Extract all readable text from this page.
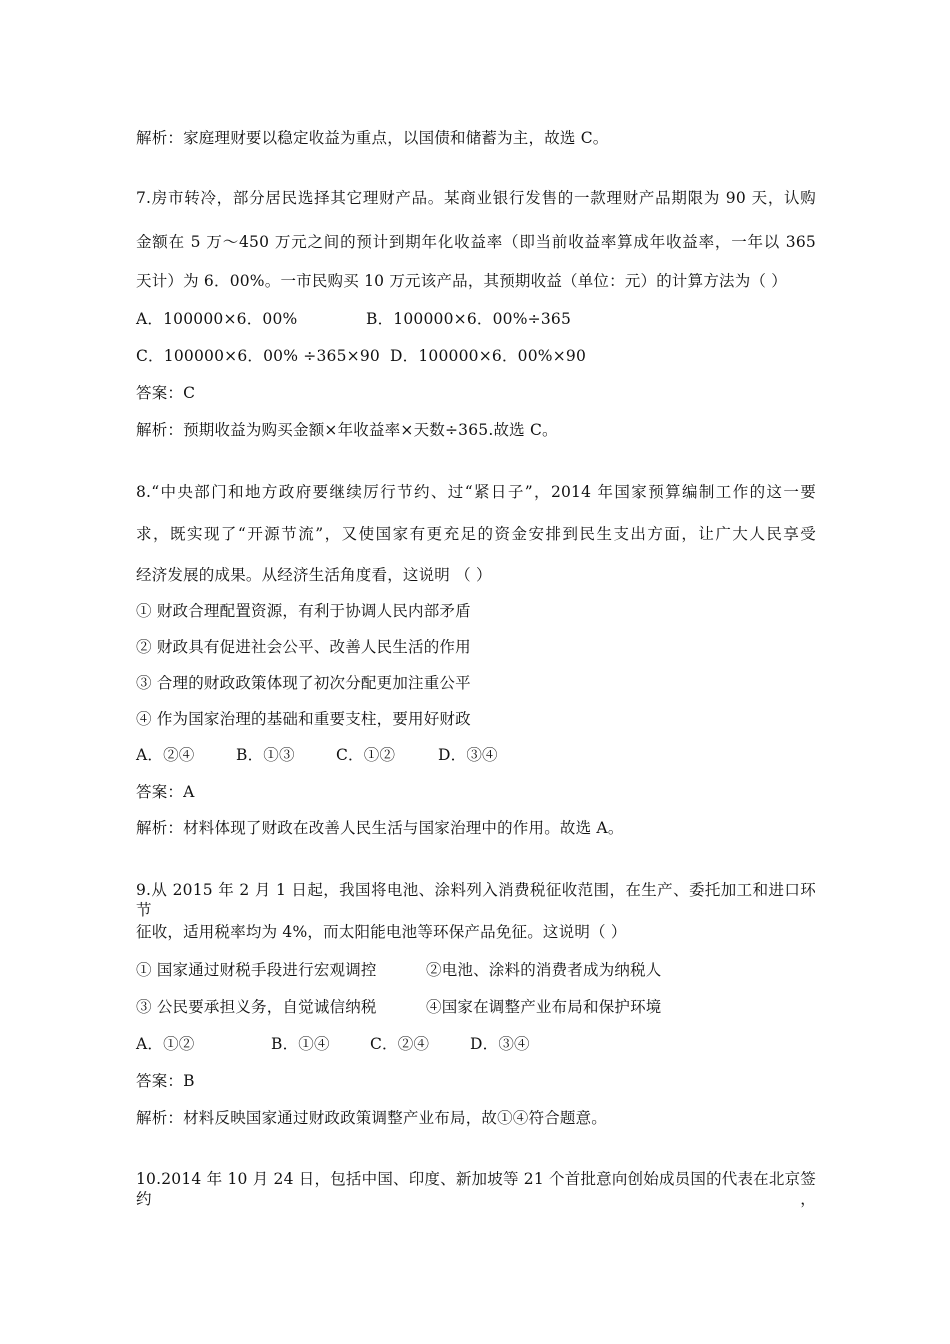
解析：家庭理财要以稳定收益为重点，以国债和储蓄为主，故选 C。
7.房市转冷，部分居民选择其它理财产品。某商业银行发售的一款理财产品期限为 90 天，认购
金额在 5 万～450 万元之间的预计到期年化收益率（即当前收益率算成年收益率，一年以 365
天计）为 6．00%。一市民购买 10 万元该产品，其预期收益（单位：元）的计算方法为（ ）
A．100000×6．00%	B．100000×6．00%÷365
C．100000×6．00% ÷365×90 D．100000×6．00%×90
答案：C
解析：预期收益为购买金额×年收益率×天数÷365.故选 C。
8.“中央部门和地方政府要继续厉行节约、过“紧日子”，2014 年国家预算编制工作的这一要
求，既实现了“开源节流”，又使国家有更充足的资金安排到民生支出方面，让广大人民享受
经济发展的成果。从经济生活角度看，这说明 （ ）
① 财政合理配置资源，有利于协调人民内部矛盾
② 财政具有促进社会公平、改善人民生活的作用
③ 合理的财政政策体现了初次分配更加注重公平
④ 作为国家治理的基础和重要支柱，要用好财政
A．②④	B．①③	C．①②	D．③④
答案：A
解析：材料体现了财政在改善人民生活与国家治理中的作用。故选 A。
9.从 2015 年 2 月 1 日起，我国将电池、涂料列入消费税征收范围，在生产、委托加工和进口环节
征收，适用税率均为 4%，而太阳能电池等环保产品免征。这说明（ ）
① 国家通过财税手段进行宏观调控	②电池、涂料的消费者成为纳税人
③ 公民要承担义务，自觉诚信纳税	④国家在调整产业布局和保护环境
A．①②	B．①④	C．②④	D．③④
答案：B
解析：材料反映国家通过财政政策调整产业布局，故①④符合题意。
10.2014 年 10 月 24 日，包括中国、印度、新加坡等 21 个首批意向创始成员国的代表在北京签约，
